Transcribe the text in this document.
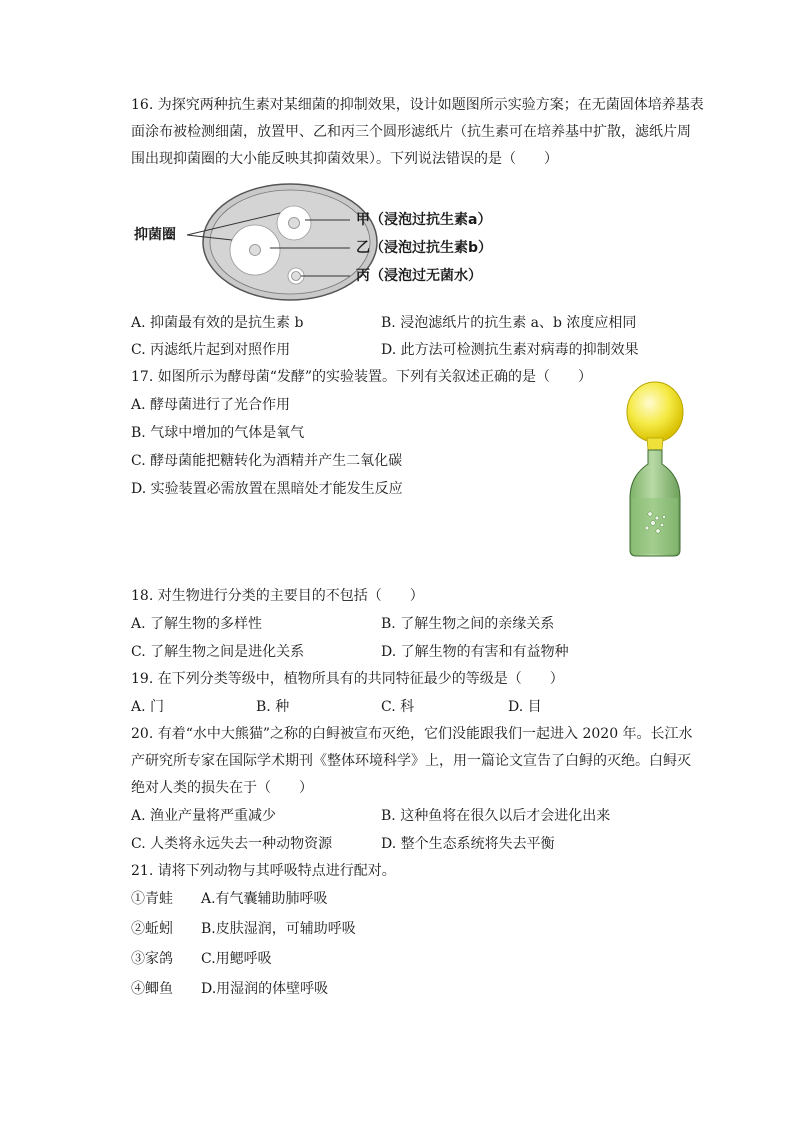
16. 为探究两种抗生素对某细菌的抑制效果，设计如题图所示实验方案；在无菌固体培养基表
面涂布被检测细菌，放置甲、乙和丙三个圆形滤纸片（抗生素可在培养基中扩散，滤纸片周
围出现抑菌圈的大小能反映其抑菌效果）。下列说法错误的是（　　）
抑菌圈
甲（浸泡过抗生素a）
乙（浸泡过抗生素b）
丙（浸泡过无菌水）
A. 抑菌最有效的是抗生素 b	B. 浸泡滤纸片的抗生素 a、b 浓度应相同
C. 丙滤纸片起到对照作用	D. 此方法可检测抗生素对病毒的抑制效果
17. 如图所示为酵母菌“发酵”的实验装置。下列有关叙述正确的是（　　）
A. 酵母菌进行了光合作用
B. 气球中增加的气体是氧气
C. 酵母菌能把糖转化为酒精并产生二氧化碳
D. 实验装置必需放置在黑暗处才能发生反应
18. 对生物进行分类的主要目的不包括（　　）
A. 了解生物的多样性	B. 了解生物之间的亲缘关系
C. 了解生物之间是进化关系	D. 了解生物的有害和有益物种
19. 在下列分类等级中，植物所具有的共同特征最少的等级是（　　）
A. 门	B. 种	C. 科	D. 目
20. 有着“水中大熊猫”之称的白鲟被宣布灭绝，它们没能跟我们一起进入 2020 年。长江水
产研究所专家在国际学术期刊《整体环境科学》上，用一篇论文宣告了白鲟的灭绝。白鲟灭
绝对人类的损失在于（　　）
A. 渔业产量将严重减少	B. 这种鱼将在很久以后才会进化出来
C. 人类将永远失去一种动物资源	D. 整个生态系统将失去平衡
21. 请将下列动物与其呼吸特点进行配对。
①青蛙 A.有气囊辅助肺呼吸
②蚯蚓 B.皮肤湿润，可辅助呼吸
③家鸽 C.用鳃呼吸
④鲫鱼 D.用湿润的体壁呼吸
